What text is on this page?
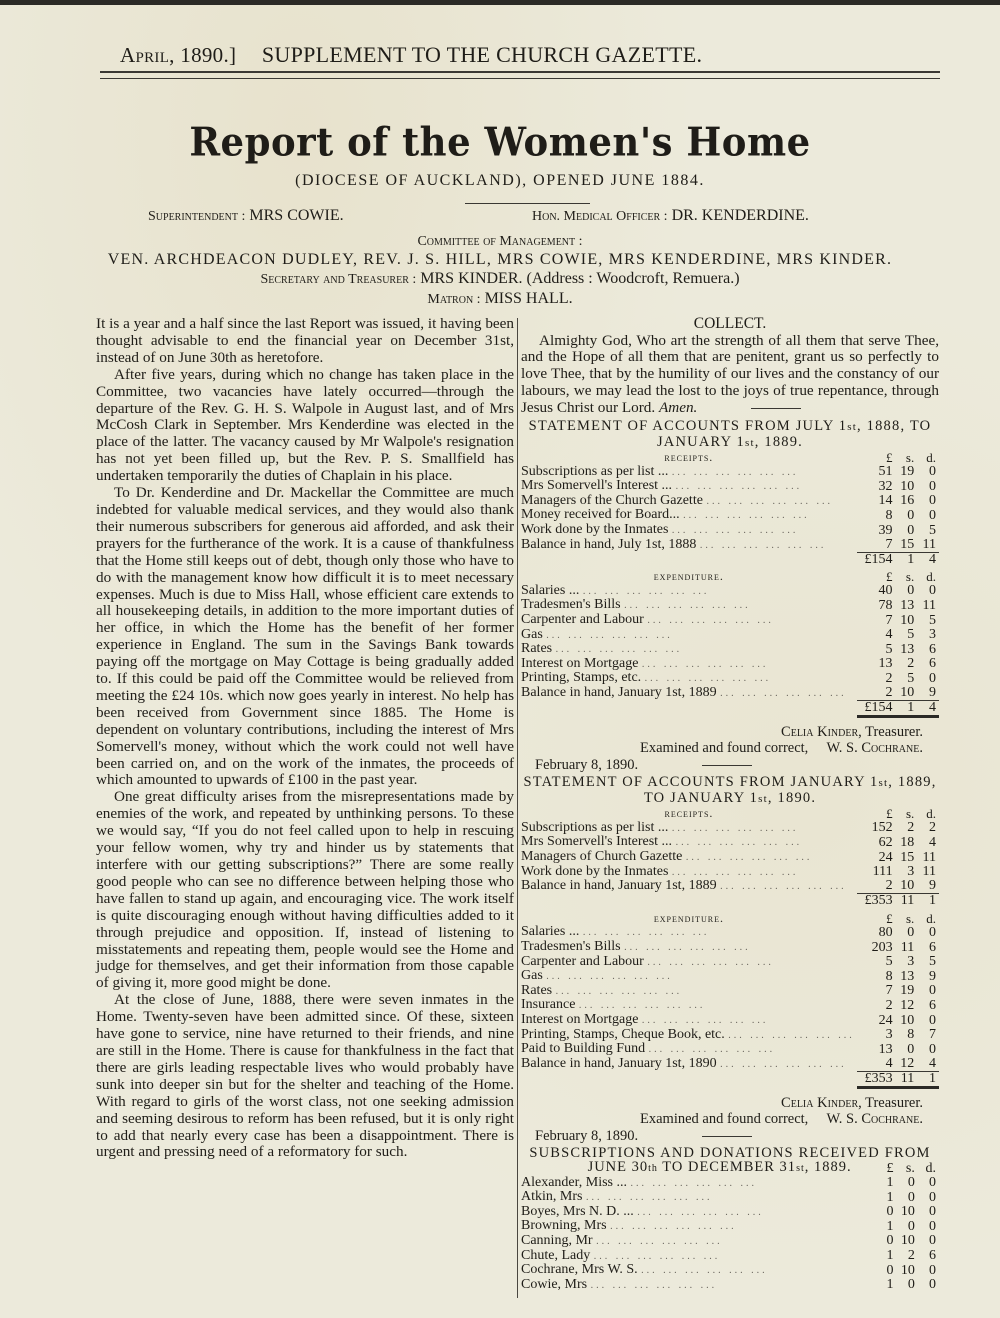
April, 1890.] SUPPLEMENT TO THE CHURCH GAZETTE.
Report of the Women's Home
(DIOCESE OF AUCKLAND), OPENED JUNE 1884.
Superintendent : MRS COWIE.	Hon. Medical Officer : DR. KENDERDINE.
Committee of Management :
VEN. ARCHDEACON DUDLEY, REV. J. S. HILL, MRS COWIE, MRS KENDERDINE, MRS KINDER.
Secretary and Treasurer : MRS KINDER. (Address : Woodcroft, Remuera.)
Matron : MISS HALL.

It is a year and a half since the last Report was issued, it having been thought advisable to end the financial year on December 31st, instead of on June 30th as heretofore.

After five years, during which no change has taken place in the Committee, two vacancies have lately occurred—through the departure of the Rev. G. H. S. Walpole in August last, and of Mrs McCosh Clark in September. Mrs Kenderdine was elected in the place of the latter. The vacancy caused by Mr Walpole's resignation has not yet been filled up, but the Rev. P. S. Smallfield has undertaken temporarily the duties of Chaplain in his place.

To Dr. Kenderdine and Dr. Mackellar the Committee are much indebted for valuable medical services, and they would also thank their numerous subscribers for generous aid afforded, and ask their prayers for the furtherance of the work. It is a cause of thankfulness that the Home still keeps out of debt, though only those who have to do with the management know how difficult it is to meet necessary expenses. Much is due to Miss Hall, whose efficient care extends to all housekeeping details, in addition to the more important duties of her office, in which the Home has the benefit of her former experience in England. The sum in the Savings Bank towards paying off the mortgage on May Cottage is being gradually added to. If this could be paid off the Committee would be relieved from meeting the £24 10s. which now goes yearly in interest. No help has been received from Government since 1885. The Home is dependent on voluntary contributions, including the interest of Mrs Somervell's money, without which the work could not well have been carried on, and on the work of the inmates, the proceeds of which amounted to upwards of £100 in the past year.

One great difficulty arises from the misrepresentations made by enemies of the work, and repeated by unthinking persons. To these we would say, “If you do not feel called upon to help in rescuing your fellow women, why try and hinder us by statements that interfere with our getting subscriptions?” There are some really good people who can see no difference between helping those who have fallen to stand up again, and encouraging vice. The work itself is quite discouraging enough without having difficulties added to it through prejudice and opposition. If, instead of listening to misstatements and repeating them, people would see the Home and judge for themselves, and get their information from those capable of giving it, more good might be done.

At the close of June, 1888, there were seven inmates in the Home. Twenty-seven have been admitted since. Of these, sixteen have gone to service, nine have returned to their friends, and nine are still in the Home. There is cause for thankfulness in the fact that there are girls leading respectable lives who would probably have sunk into deeper sin but for the shelter and teaching of the Home. With regard to girls of the worst class, not one seeking admission and seeming desirous to reform has been refused, but it is only right to add that nearly every case has been a disappointment. There is urgent and pressing need of a reformatory for such.

COLLECT.
Almighty God, Who art the strength of all them that serve Thee, and the Hope of all them that are penitent, grant us so perfectly to love Thee, that by the humility of our lives and the constancy of our labours, we may lead the lost to the joys of true repentance, through Jesus Christ our Lord. Amen.
STATEMENT OF ACCOUNTS FROM JULY 1st, 1888, TO
JANUARY 1st, 1889.
receipts.	£	s.	d.
Subscriptions as per list ... ... ... ... ... ... ...	51	19	0
Mrs Somervell's Interest ... ... ... ... ... ... ...	32	10	0
Managers of the Church Gazette ... ... ... ... ... ...	14	16	0
Money received for Board... ... ... ... ... ... ...	8	0	0
Work done by the Inmates ... ... ... ... ... ...	39	0	5
Balance in hand, July 1st, 1888 ... ... ... ... ... ...	7	15	11
	£154	1	4

expenditure.	£	s.	d.
Salaries ... ... ... ... ... ... ...	40	0	0
Tradesmen's Bills ... ... ... ... ... ...	78	13	11
Carpenter and Labour ... ... ... ... ... ...	7	10	5
Gas ... ... ... ... ... ...	4	5	3
Rates ... ... ... ... ... ...	5	13	6
Interest on Mortgage ... ... ... ... ... ...	13	2	6
Printing, Stamps, etc. ... ... ... ... ... ...	2	5	0
Balance in hand, January 1st, 1889 ... ... ... ... ... ...	2	10	9
	£154	1	4
Celia Kinder, Treasurer.
Examined and found correct, W. S. Cochrane.
February 8, 1890.
STATEMENT OF ACCOUNTS FROM JANUARY 1st, 1889,
TO JANUARY 1st, 1890.
receipts.	£	s.	d.
Subscriptions as per list ... ... ... ... ... ... ...	152	2	2
Mrs Somervell's Interest ... ... ... ... ... ... ...	62	18	4
Managers of Church Gazette ... ... ... ... ... ...	24	15	11
Work done by the Inmates ... ... ... ... ... ...	111	3	11
Balance in hand, January 1st, 1889 ... ... ... ... ... ...	2	10	9
	£353	11	1

expenditure.	£	s.	d.
Salaries ... ... ... ... ... ... ...	80	0	0
Tradesmen's Bills ... ... ... ... ... ...	203	11	6
Carpenter and Labour ... ... ... ... ... ...	5	3	5
Gas ... ... ... ... ... ...	8	13	9
Rates ... ... ... ... ... ...	7	19	0
Insurance ... ... ... ... ... ...	2	12	6
Interest on Mortgage ... ... ... ... ... ...	24	10	0
Printing, Stamps, Cheque Book, etc. ... ... ... ... ... ...	3	8	7
Paid to Building Fund ... ... ... ... ... ...	13	0	0
Balance in hand, January 1st, 1890 ... ... ... ... ... ...	4	12	4
	£353	11	1
Celia Kinder, Treasurer.
Examined and found correct, W. S. Cochrane.
February 8, 1890.
SUBSCRIPTIONS AND DONATIONS RECEIVED FROM
JUNE 30th TO DECEMBER 31st, 1889.	£	s.	d.
Alexander, Miss ... ... ... ... ... ... ...	1	0	0
Atkin, Mrs ... ... ... ... ... ...	1	0	0
Boyes, Mrs N. D. ... ... ... ... ... ... ...	0	10	0
Browning, Mrs ... ... ... ... ... ...	1	0	0
Canning, Mr ... ... ... ... ... ...	0	10	0
Chute, Lady ... ... ... ... ... ...	1	2	6
Cochrane, Mrs W. S. ... ... ... ... ... ...	0	10	0
Cowie, Mrs ... ... ... ... ... ...	1	0	0
